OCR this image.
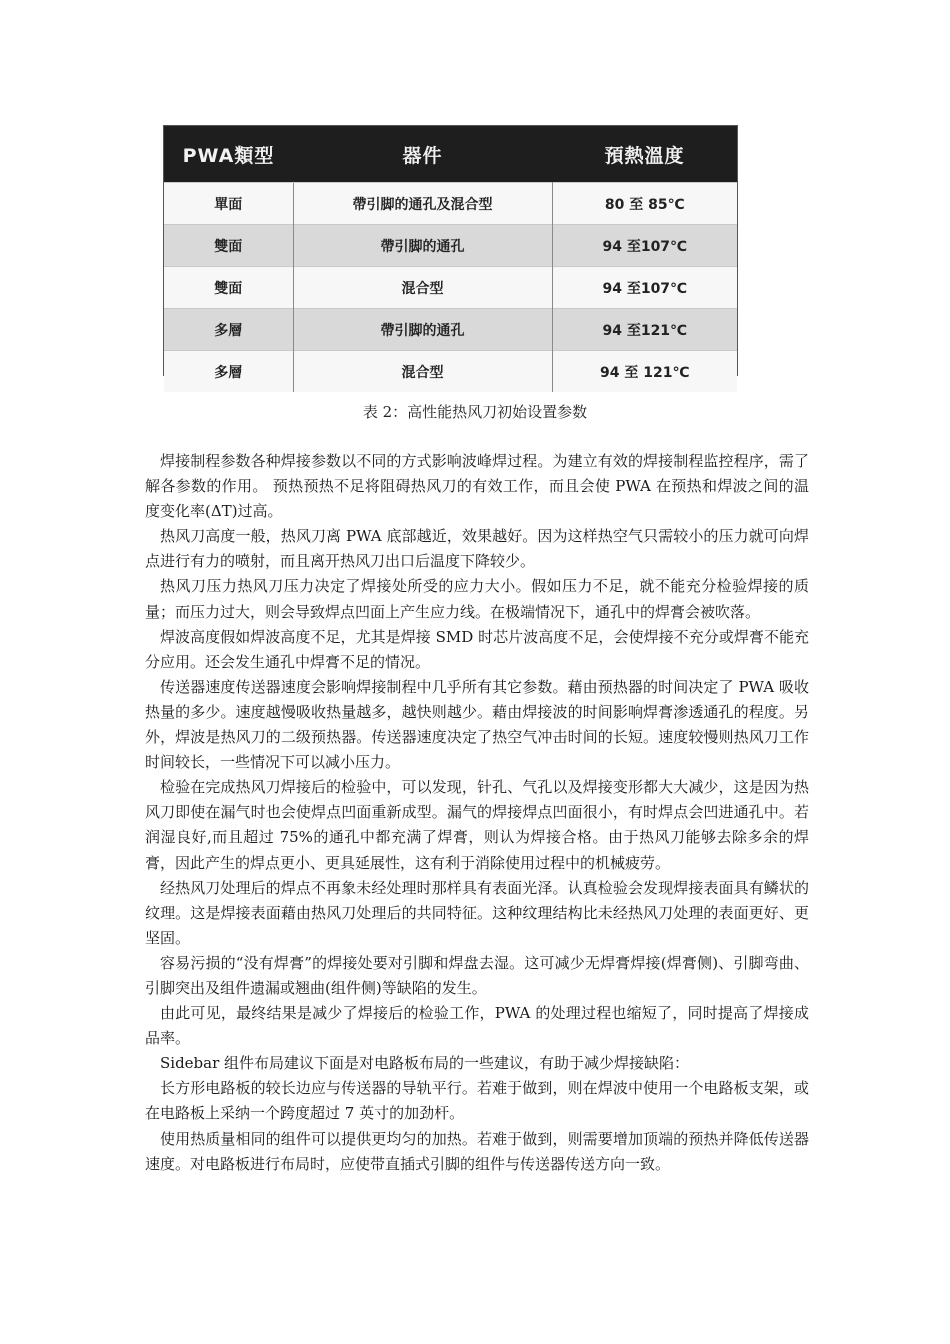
PWA類型	器件	預熱溫度
單面	帶引脚的通孔及混合型	80 至 85℃
雙面	帶引脚的通孔	94 至107℃
雙面	混合型	94 至107℃
多層	帶引脚的通孔	94 至121℃
多層	混合型	94 至 121℃
表 2：高性能热风刀初始设置参数

焊接制程参数各种焊接参数以不同的方式影响波峰焊过程。为建立有效的焊接制程监控程序，需了解各参数的作用。 预热预热不足将阻碍热风刀的有效工作，而且会使 PWA 在预热和焊波之间的温度变化率(ΔT)过高。

热风刀高度一般，热风刀离 PWA 底部越近，效果越好。因为这样热空气只需较小的压力就可向焊点进行有力的喷射，而且离开热风刀出口后温度下降较少。

热风刀压力热风刀压力决定了焊接处所受的应力大小。假如压力不足，就不能充分检验焊接的质量；而压力过大，则会导致焊点凹面上产生应力线。在极端情况下，通孔中的焊膏会被吹落。

焊波高度假如焊波高度不足，尤其是焊接 SMD 时芯片波高度不足，会使焊接不充分或焊膏不能充分应用。还会发生通孔中焊膏不足的情况。

传送器速度传送器速度会影响焊接制程中几乎所有其它参数。藉由预热器的时间决定了 PWA 吸收热量的多少。速度越慢吸收热量越多，越快则越少。藉由焊接波的时间影响焊膏渗透通孔的程度。另外，焊波是热风刀的二级预热器。传送器速度决定了热空气冲击时间的长短。速度较慢则热风刀工作时间较长，一些情况下可以减小压力。

检验在完成热风刀焊接后的检验中，可以发现，针孔、气孔以及焊接变形都大大减少，这是因为热风刀即使在漏气时也会使焊点凹面重新成型。漏气的焊接焊点凹面很小，有时焊点会凹进通孔中。若润湿良好,而且超过 75%的通孔中都充满了焊膏，则认为焊接合格。由于热风刀能够去除多余的焊膏，因此产生的焊点更小、更具延展性，这有利于消除使用过程中的机械疲劳。

经热风刀处理后的焊点不再象未经处理时那样具有表面光泽。认真检验会发现焊接表面具有鳞状的纹理。这是焊接表面藉由热风刀处理后的共同特征。这种纹理结构比未经热风刀处理的表面更好、更坚固。

容易污损的“没有焊膏”的焊接处要对引脚和焊盘去湿。这可减少无焊膏焊接(焊膏侧)、引脚弯曲、引脚突出及组件遗漏或翘曲(组件侧)等缺陷的发生。

由此可见，最终结果是减少了焊接后的检验工作，PWA 的处理过程也缩短了，同时提高了焊接成品率。

Sidebar 组件布局建议下面是对电路板布局的一些建议，有助于减少焊接缺陷：

长方形电路板的较长边应与传送器的导轨平行。若难于做到，则在焊波中使用一个电路板支架，或在电路板上采纳一个跨度超过 7 英寸的加劲杆。

使用热质量相同的组件可以提供更均匀的加热。若难于做到，则需要增加顶端的预热并降低传送器速度。对电路板进行布局时，应使带直插式引脚的组件与传送器传送方向一致。
